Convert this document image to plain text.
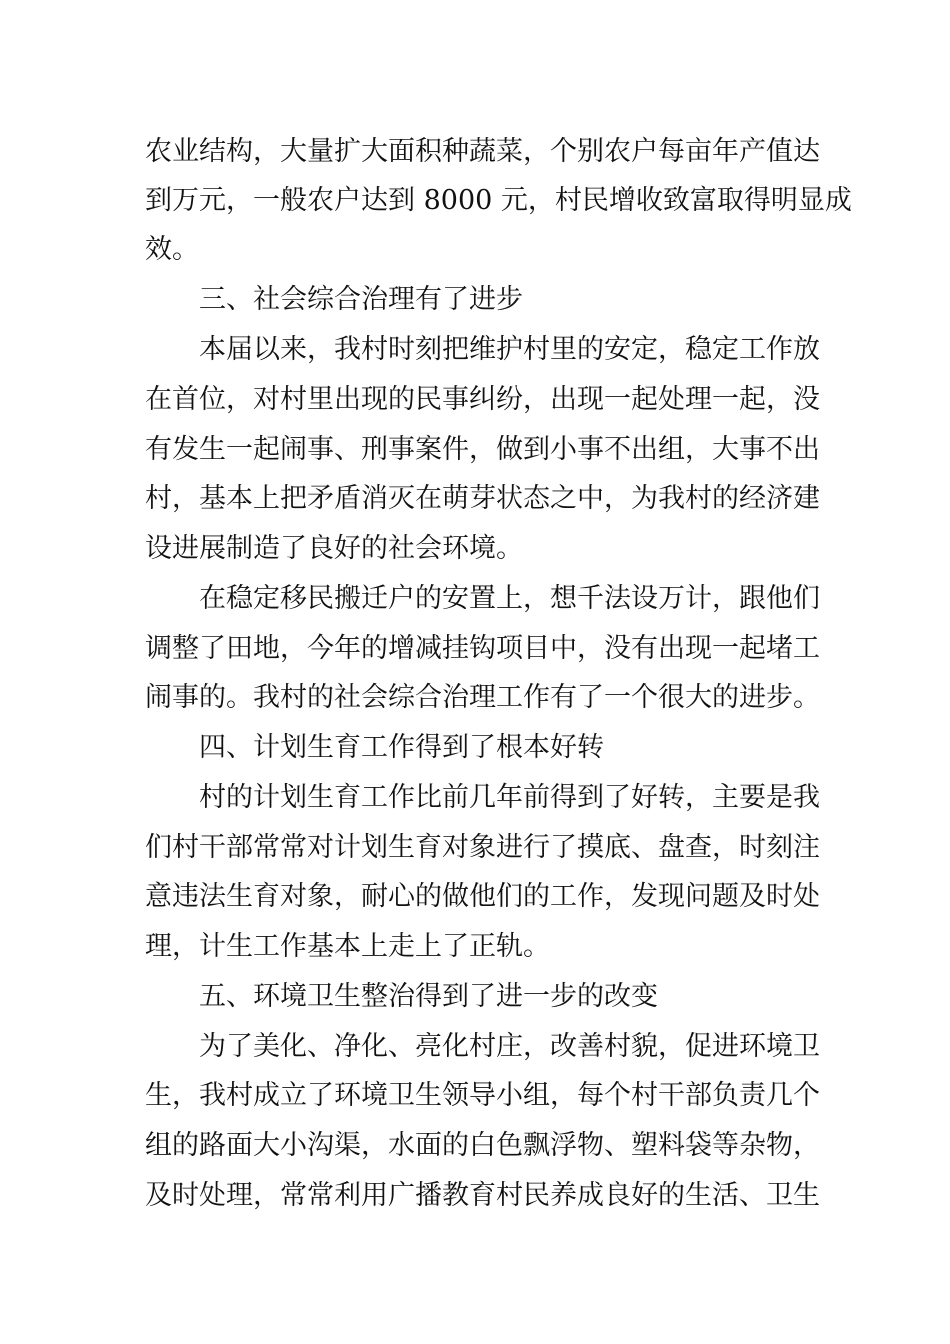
农业结构，大量扩大面积种蔬菜，个别农户每亩年产值达
到万元，一般农户达到 8000 元，村民增收致富取得明显成
效。
三、社会综合治理有了进步
本届以来，我村时刻把维护村里的安定，稳定工作放
在首位，对村里出现的民事纠纷，出现一起处理一起，没
有发生一起闹事、刑事案件，做到小事不出组，大事不出
村，基本上把矛盾消灭在萌芽状态之中，为我村的经济建
设进展制造了良好的社会环境。
在稳定移民搬迁户的安置上，想千法设万计，跟他们
调整了田地，今年的增减挂钩项目中，没有出现一起堵工
闹事的。我村的社会综合治理工作有了一个很大的进步。
四、计划生育工作得到了根本好转
村的计划生育工作比前几年前得到了好转，主要是我
们村干部常常对计划生育对象进行了摸底、盘查，时刻注
意违法生育对象，耐心的做他们的工作，发现问题及时处
理，计生工作基本上走上了正轨。
五、环境卫生整治得到了进一步的改变
为了美化、净化、亮化村庄，改善村貌，促进环境卫
生，我村成立了环境卫生领导小组，每个村干部负责几个
组的路面大小沟渠，水面的白色飘浮物、塑料袋等杂物，
及时处理，常常利用广播教育村民养成良好的生活、卫生
